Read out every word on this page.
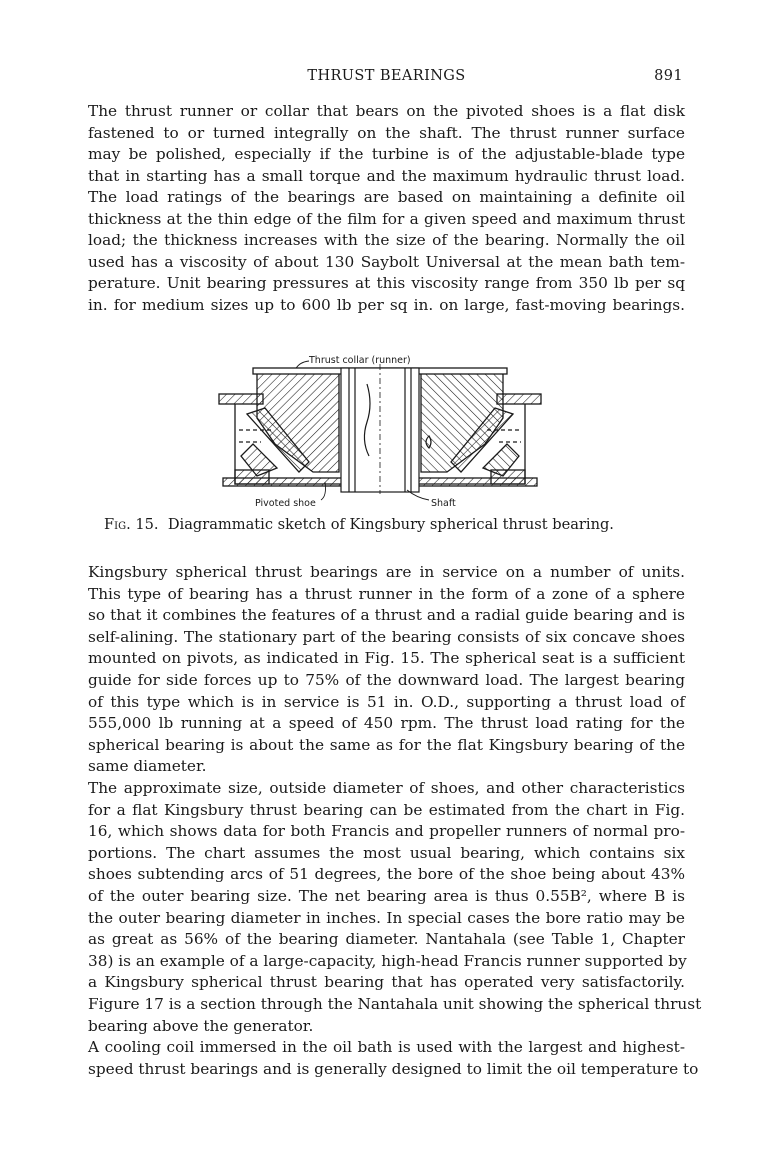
THRUST BEARINGS	891

The thrust runner or collar that bears on the pivoted shoes is a flat disk
fastened to or turned integrally on the shaft. The thrust runner surface
may be polished, especially if the turbine is of the adjustable-blade type
that in starting has a small torque and the maximum hydraulic thrust load.

The load ratings of the bearings are based on maintaining a definite oil
thickness at the thin edge of the film for a given speed and maximum thrust
load; the thickness increases with the size of the bearing. Normally the oil
used has a viscosity of about 130 Saybolt Universal at the mean bath tem-
perature. Unit bearing pressures at this viscosity range from 350 lb per sq
in. for medium sizes up to 600 lb per sq in. on large, fast-moving bearings.

Thrust collar (runner)
Pivoted shoe	Shaft
Fig. 15. Diagrammatic sketch of Kingsbury spherical thrust bearing.

Kingsbury spherical thrust bearings are in service on a number of units.
This type of bearing has a thrust runner in the form of a zone of a sphere
so that it combines the features of a thrust and a radial guide bearing and is
self-alining. The stationary part of the bearing consists of six concave shoes
mounted on pivots, as indicated in Fig. 15. The spherical seat is a sufficient
guide for side forces up to 75% of the downward load. The largest bearing
of this type which is in service is 51 in. O.D., supporting a thrust load of
555,000 lb running at a speed of 450 rpm. The thrust load rating for the
spherical bearing is about the same as for the flat Kingsbury bearing of the
same diameter.

The approximate size, outside diameter of shoes, and other characteristics
for a flat Kingsbury thrust bearing can be estimated from the chart in Fig.
16, which shows data for both Francis and propeller runners of normal pro-
portions. The chart assumes the most usual bearing, which contains six
shoes subtending arcs of 51 degrees, the bore of the shoe being about 43%
of the outer bearing size. The net bearing area is thus 0.55B², where B is
the outer bearing diameter in inches. In special cases the bore ratio may be
as great as 56% of the bearing diameter. Nantahala (see Table 1, Chapter
38) is an example of a large-capacity, high-head Francis runner supported by
a Kingsbury spherical thrust bearing that has operated very satisfactorily.
Figure 17 is a section through the Nantahala unit showing the spherical thrust
bearing above the generator.

A cooling coil immersed in the oil bath is used with the largest and highest-
speed thrust bearings and is generally designed to limit the oil temperature to
